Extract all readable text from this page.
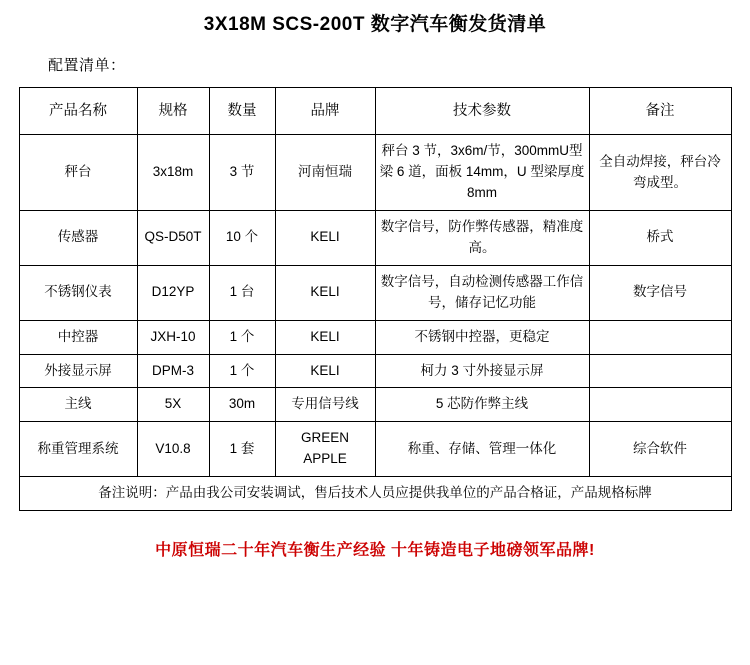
3X18M SCS-200T 数字汽车衡发货清单
配置清单：
产品名称	规格	数量	品牌	技术参数	备注
秤台	3x18m	3 节	河南恒瑞	秤台 3 节，3x6m/节，300mmU型梁 6 道，面板 14mm，U 型梁厚度 8mm	全自动焊接，秤台冷弯成型。
传感器	QS-D50T	10 个	KELI	数字信号，防作弊传感器，精准度高。	桥式
不锈钢仪表	D12YP	1 台	KELI	数字信号，自动检测传感器工作信号，储存记忆功能	数字信号
中控器	JXH-10	1 个	KELI	不锈钢中控器，更稳定	
外接显示屏	DPM-3	1 个	KELI	柯力 3 寸外接显示屏	
主线	5X	30m	专用信号线	5 芯防作弊主线	
称重管理系统	V10.8	1 套	GREEN APPLE	称重、存储、管理一体化	综合软件
备注说明：产品由我公司安装调试，售后技术人员应提供我单位的产品合格证，产品规格标牌					
中原恒瑞二十年汽车衡生产经验 十年铸造电子地磅领军品牌!
